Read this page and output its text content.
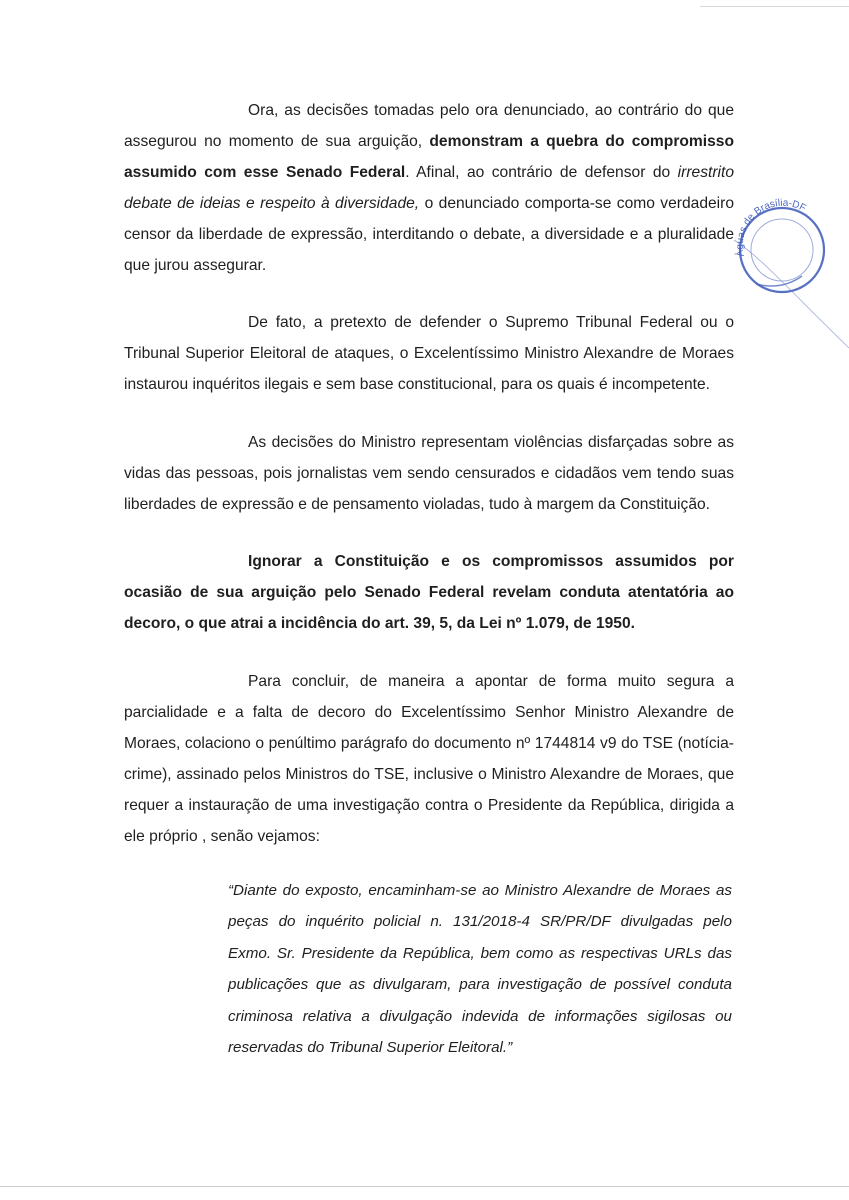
Ora, as decisões tomadas pelo ora denunciado, ao contrário do que assegurou no momento de sua arguição, demonstram a quebra do compromisso assumido com esse Senado Federal. Afinal, ao contrário de defensor do irrestrito debate de ideias e respeito à diversidade, o denunciado comporta-se como verdadeiro censor da liberdade de expressão, interditando o debate, a diversidade e a pluralidade que jurou assegurar.

De fato, a pretexto de defender o Supremo Tribunal Federal ou o Tribunal Superior Eleitoral de ataques, o Excelentíssimo Ministro Alexandre de Moraes instaurou inquéritos ilegais e sem base constitucional, para os quais é incompetente.

As decisões do Ministro representam violências disfarçadas sobre as vidas das pessoas, pois jornalistas vem sendo censurados e cidadãos vem tendo suas liberdades de expressão e de pensamento violadas, tudo à margem da Constituição.

Ignorar a Constituição e os compromissos assumidos por ocasião de sua arguição pelo Senado Federal revelam conduta atentatória ao decoro, o que atrai a incidência do art. 39, 5, da Lei nº 1.079, de 1950.

Para concluir, de maneira a apontar de forma muito segura a parcialidade e a falta de decoro do Excelentíssimo Senhor Ministro Alexandre de Moraes, colaciono o penúltimo parágrafo do documento nº 1744814 v9 do TSE (notícia-crime), assinado pelos Ministros do TSE, inclusive o Ministro Alexandre de Moraes, que requer a instauração de uma investigação contra o Presidente da República, dirigida a ele próprio , senão vejamos:

“Diante do exposto, encaminham-se ao Ministro Alexandre de Moraes as peças do inquérito policial n. 131/2018-4 SR/PR/DF divulgadas pelo Exmo. Sr. Presidente da República, bem como as respectivas URLs das publicações que as divulgaram, para investigação de possível conduta criminosa relativa a divulgação indevida de informações sigilosas ou reservadas do Tribunal Superior Eleitoral.”

Águas de Brasília-DF
